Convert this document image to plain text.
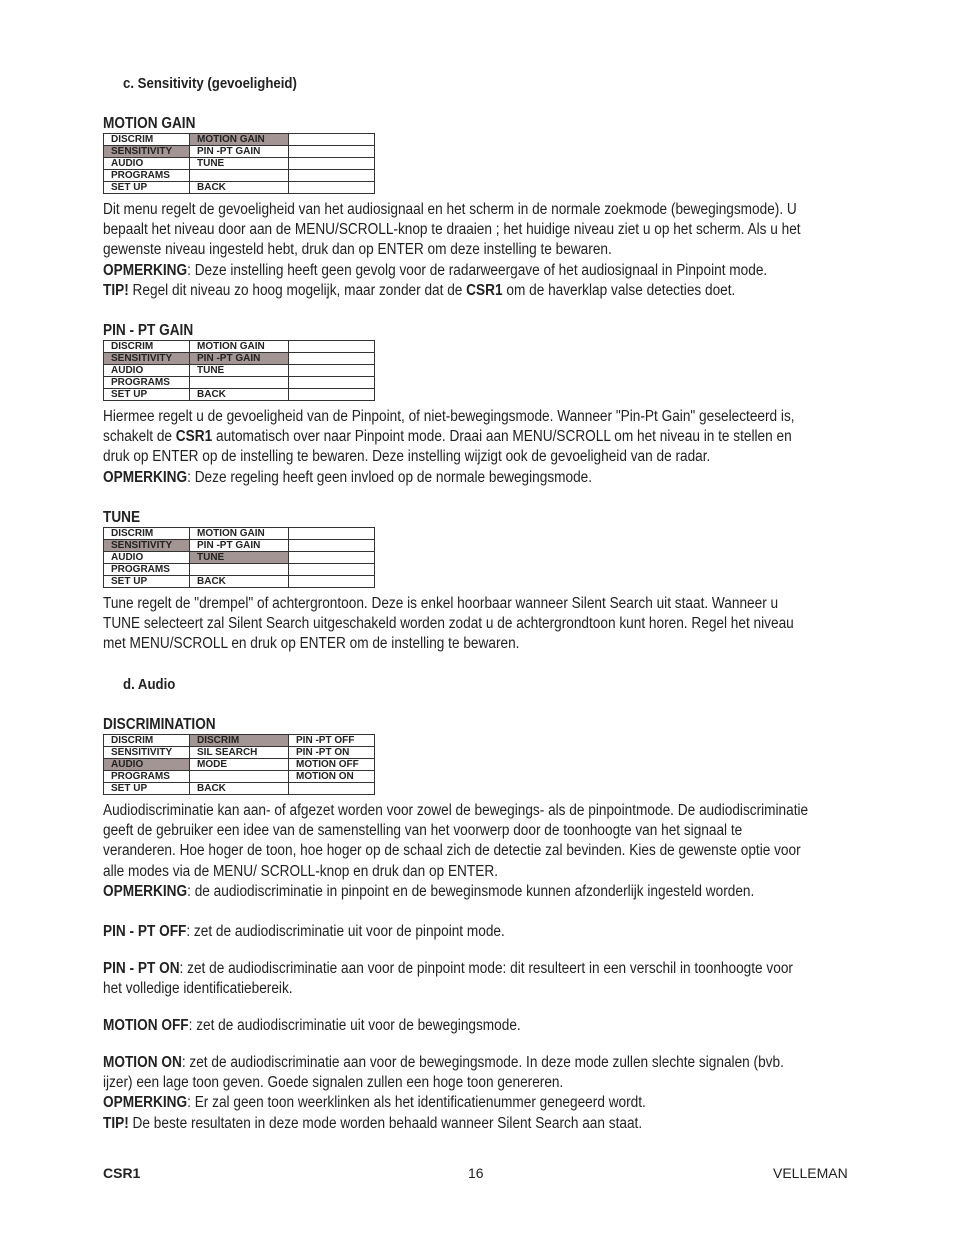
c. Sensitivity (gevoeligheid)
MOTION GAIN
DISCRIM	MOTION GAIN	
SENSITIVITY	PIN -PT GAIN	
AUDIO	TUNE	
PROGRAMS		
SET UP	BACK	
Dit menu regelt de gevoeligheid van het audiosignaal en het scherm in de normale zoekmode (bewegingsmode). U
bepaalt het niveau door aan de MENU/SCROLL-knop te draaien ; het huidige niveau ziet u op het scherm. Als u het
gewenste niveau ingesteld hebt, druk dan op ENTER om deze instelling te bewaren.
OPMERKING: Deze instelling heeft geen gevolg voor de radarweergave of het audiosignaal in Pinpoint mode.
TIP! Regel dit niveau zo hoog mogelijk, maar zonder dat de CSR1 om de haverklap valse detecties doet.
PIN - PT GAIN
DISCRIM	MOTION GAIN	
SENSITIVITY	PIN -PT GAIN	
AUDIO	TUNE	
PROGRAMS		
SET UP	BACK	
Hiermee regelt u de gevoeligheid van de Pinpoint, of niet-bewegingsmode. Wanneer "Pin-Pt Gain" geselecteerd is,
schakelt de CSR1 automatisch over naar Pinpoint mode. Draai aan MENU/SCROLL om het niveau in te stellen en
druk op ENTER op de instelling te bewaren. Deze instelling wijzigt ook de gevoeligheid van de radar.
OPMERKING: Deze regeling heeft geen invloed op de normale bewegingsmode.
TUNE
DISCRIM	MOTION GAIN	
SENSITIVITY	PIN -PT GAIN	
AUDIO	TUNE	
PROGRAMS		
SET UP	BACK	
Tune regelt de "drempel" of achtergrontoon. Deze is enkel hoorbaar wanneer Silent Search uit staat. Wanneer u
TUNE selecteert zal Silent Search uitgeschakeld worden zodat u de achtergrondtoon kunt horen. Regel het niveau
met MENU/SCROLL en druk op ENTER om de instelling te bewaren.
d. Audio
DISCRIMINATION
DISCRIM	DISCRIM	PIN -PT OFF
SENSITIVITY	SIL SEARCH	PIN -PT ON
AUDIO	MODE	MOTION OFF
PROGRAMS		MOTION ON
SET UP	BACK	
Audiodiscriminatie kan aan- of afgezet worden voor zowel de bewegings- als de pinpointmode. De audiodiscriminatie
geeft de gebruiker een idee van de samenstelling van het voorwerp door de toonhoogte van het signaal te
veranderen. Hoe hoger de toon, hoe hoger op de schaal zich de detectie zal bevinden. Kies de gewenste optie voor
alle modes via de MENU/ SCROLL-knop en druk dan op ENTER.
OPMERKING: de audiodiscriminatie in pinpoint en de beweginsmode kunnen afzonderlijk ingesteld worden.
PIN - PT OFF: zet de audiodiscriminatie uit voor de pinpoint mode.
PIN - PT ON: zet de audiodiscriminatie aan voor de pinpoint mode: dit resulteert in een verschil in toonhoogte voor
het volledige identificatiebereik.
MOTION OFF: zet de audiodiscriminatie uit voor de bewegingsmode.
MOTION ON: zet de audiodiscriminatie aan voor de bewegingsmode. In deze mode zullen slechte signalen (bvb.
ijzer) een lage toon geven. Goede signalen zullen een hoge toon genereren.
OPMERKING: Er zal geen toon weerklinken als het identificatienummer genegeerd wordt.
TIP! De beste resultaten in deze mode worden behaald wanneer Silent Search aan staat.
CSR1	16	VELLEMAN
